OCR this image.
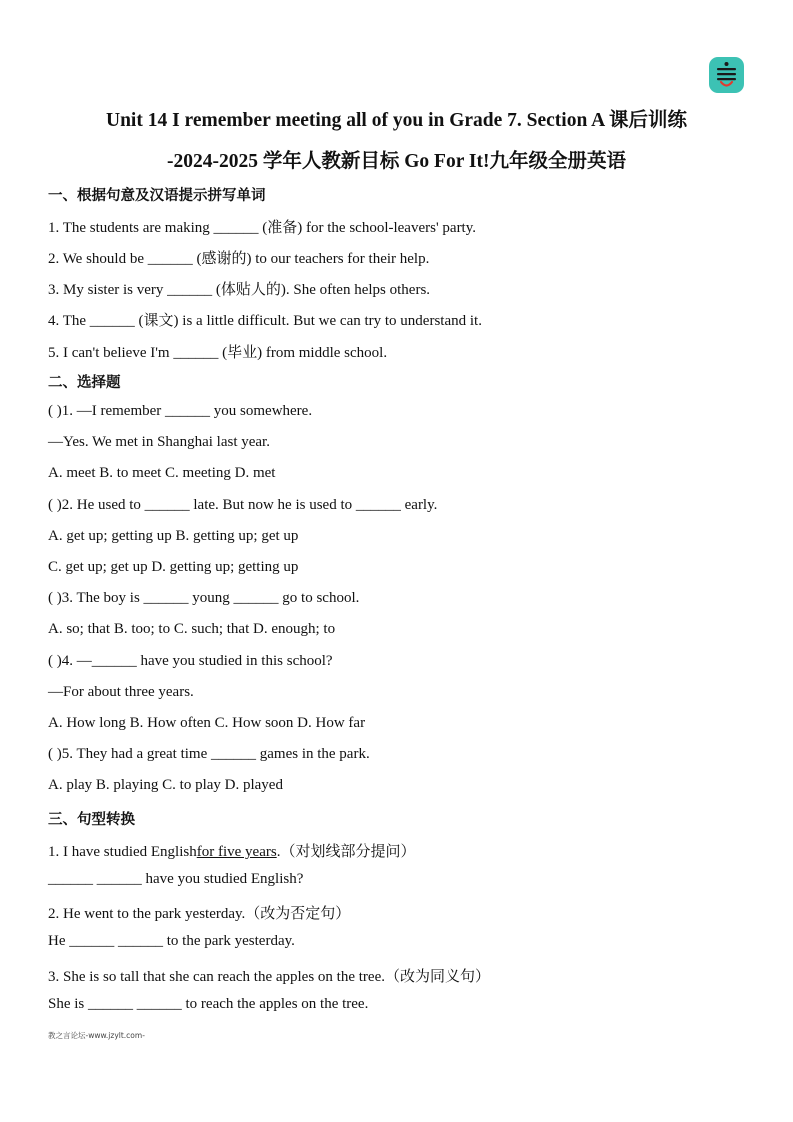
Unit 14 I remember meeting all of you in Grade 7. Section A 课后训练
-2024-2025 学年人教新目标 Go For It!九年级全册英语
一、根据句意及汉语提示拼写单词
1. The students are making ______ (准备) for the school-leavers' party.
2. We should be ______ (感谢的) to our teachers for their help.
3. My sister is very ______ (体贴人的). She often helps others.
4. The ______ (课文) is a little difficult. But we can try to understand it.
5. I can't believe I'm ______ (毕业) from middle school.
二、选择题
( )1. —I remember ______ you somewhere.
—Yes. We met in Shanghai last year.
A. meet B. to meet C. meeting D. met
( )2. He used to ______ late. But now he is used to ______ early.
A. get up; getting up B. getting up; get up
C. get up; get up D. getting up; getting up
( )3. The boy is ______ young ______ go to school.
A. so; that B. too; to C. such; that D. enough; to
( )4. —______ have you studied in this school?
—For about three years.
A. How long B. How often C. How soon D. How far
( )5. They had a great time ______ games in the park.
A. play B. playing C. to play D. played
三、句型转换
1. I have studied Englishfor five years.（对划线部分提问）
______ ______ have you studied English?
2. He went to the park yesterday.（改为否定句）
He ______ ______ to the park yesterday.
3. She is so tall that she can reach the apples on the tree.（改为同义句）
She is ______ ______ to reach the apples on the tree.
教之言论坛-www.jzylt.com-
